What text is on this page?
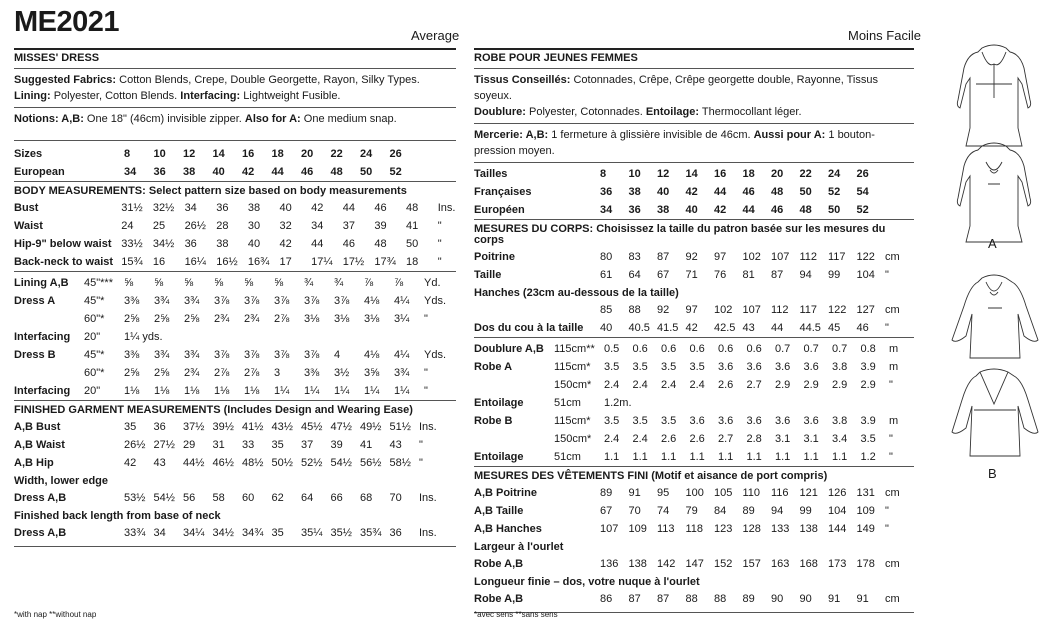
ME2021	Average	Moins Facile
MISSES' DRESS
Suggested Fabrics: Cotton Blends, Crepe, Double Georgette, Rayon, Silky Types. Lining: Polyester, Cotton Blends. Interfacing: Lightweight Fusible.
Notions: A,B: One 18" (46cm) invisible zipper. Also for A: One medium snap.
Sizes		8	10	12	14	16	18	20	22	24	26	
European		34	36	38	40	42	44	46	48	50	52	
BODY MEASUREMENTS: Select pattern size based on body measurements
Bust		31½	32½	34	36	38	40	42	44	46	48	Ins.
Waist		24	25	26½	28	30	32	34	37	39	41	"
Hip-9" below waist		33½	34½	36	38	40	42	44	46	48	50	"
Back-neck to waist		15¾	16	16¼	16½	16¾	17	17¼	17½	17¾	18	"
Lining A,B	45"***	⅝	⅝	⅝	⅝	⅝	⅝	¾	¾	⅞	⅞	Yd.
Dress A	45"*	3⅜	3¾	3¾	3⅞	3⅞	3⅞	3⅞	3⅞	4⅛	4¼	Yds.
	60"*	2⅝	2⅝	2⅝	2¾	2¾	2⅞	3⅛	3⅛	3⅛	3¼	"
Interfacing	20"	1¼ yds.										
Dress B	45"*	3⅜	3¾	3¾	3⅞	3⅞	3⅞	3⅞	4	4⅛	4¼	Yds.
	60"*	2⅝	2⅝	2¾	2⅞	2⅞	3	3⅜	3½	3⅝	3¾	"
Interfacing	20"	1⅛	1⅛	1⅛	1⅛	1⅛	1¼	1¼	1¼	1¼	1¼	"
FINISHED GARMENT MEASUREMENTS (Includes Design and Wearing Ease)
A,B Bust		35	36	37½	39½	41½	43½	45½	47½	49½	51½	Ins.
A,B Waist		26½	27½	29	31	33	35	37	39	41	43	"
A,B Hip		42	43	44½	46½	48½	50½	52½	54½	56½	58½	"
Width, lower edge
Dress A,B		53½	54½	56	58	60	62	64	66	68	70	Ins.
Finished back length from base of neck
Dress A,B		33¾	34	34¼	34½	34¾	35	35¼	35½	35¾	36	Ins.
ROBE POUR JEUNES FEMMES
Tissus Conseillés: Cotonnades, Crêpe, Crêpe georgette double, Rayonne, Tissus soyeux.
Doublure: Polyester, Cotonnades. Entoilage: Thermocollant léger.
Mercerie: A,B: 1 fermeture à glissière invisible de 46cm. Aussi pour A: 1 bouton-pression moyen.
Tailles		8	10	12	14	16	18	20	22	24	26	
Françaises		36	38	40	42	44	46	48	50	52	54	
Européen		34	36	38	40	42	44	46	48	50	52	
MESURES DU CORPS: Choisissez la taille du patron basée sur les mesures du corps
Poitrine		80	83	87	92	97	102	107	112	117	122	cm
Taille		61	64	67	71	76	81	87	94	99	104	"
Hanches (23cm au-dessous de la taille)
		85	88	92	97	102	107	112	117	122	127	cm
Dos du cou à la taille		40	40.5	41.5	42	42.5	43	44	44.5	45	46	"
Doublure A,B	115cm**	0.5	0.6	0.6	0.6	0.6	0.6	0.7	0.7	0.7	0.8	m
Robe A	115cm*	3.5	3.5	3.5	3.5	3.6	3.6	3.6	3.6	3.8	3.9	m
	150cm*	2.4	2.4	2.4	2.4	2.6	2.7	2.9	2.9	2.9	2.9	"
Entoilage	51cm	1.2m.										
Robe B	115cm*	3.5	3.5	3.5	3.6	3.6	3.6	3.6	3.6	3.8	3.9	m
	150cm*	2.4	2.4	2.6	2.6	2.7	2.8	3.1	3.1	3.4	3.5	"
Entoilage	51cm	1.1	1.1	1.1	1.1	1.1	1.1	1.1	1.1	1.1	1.2	"
MESURES DES VÊTEMENTS FINI (Motif et aisance de port compris)
A,B Poitrine		89	91	95	100	105	110	116	121	126	131	cm
A,B Taille		67	70	74	79	84	89	94	99	104	109	"
A,B Hanches		107	109	113	118	123	128	133	138	144	149	"
Largeur à l'ourlet
Robe A,B		136	138	142	147	152	157	163	168	173	178	cm
Longueur finie – dos, votre nuque à l'ourlet
Robe A,B		86	87	87	88	88	89	90	90	91	91	cm
*with nap **without nap	*avec sens **sans sens
A
B
